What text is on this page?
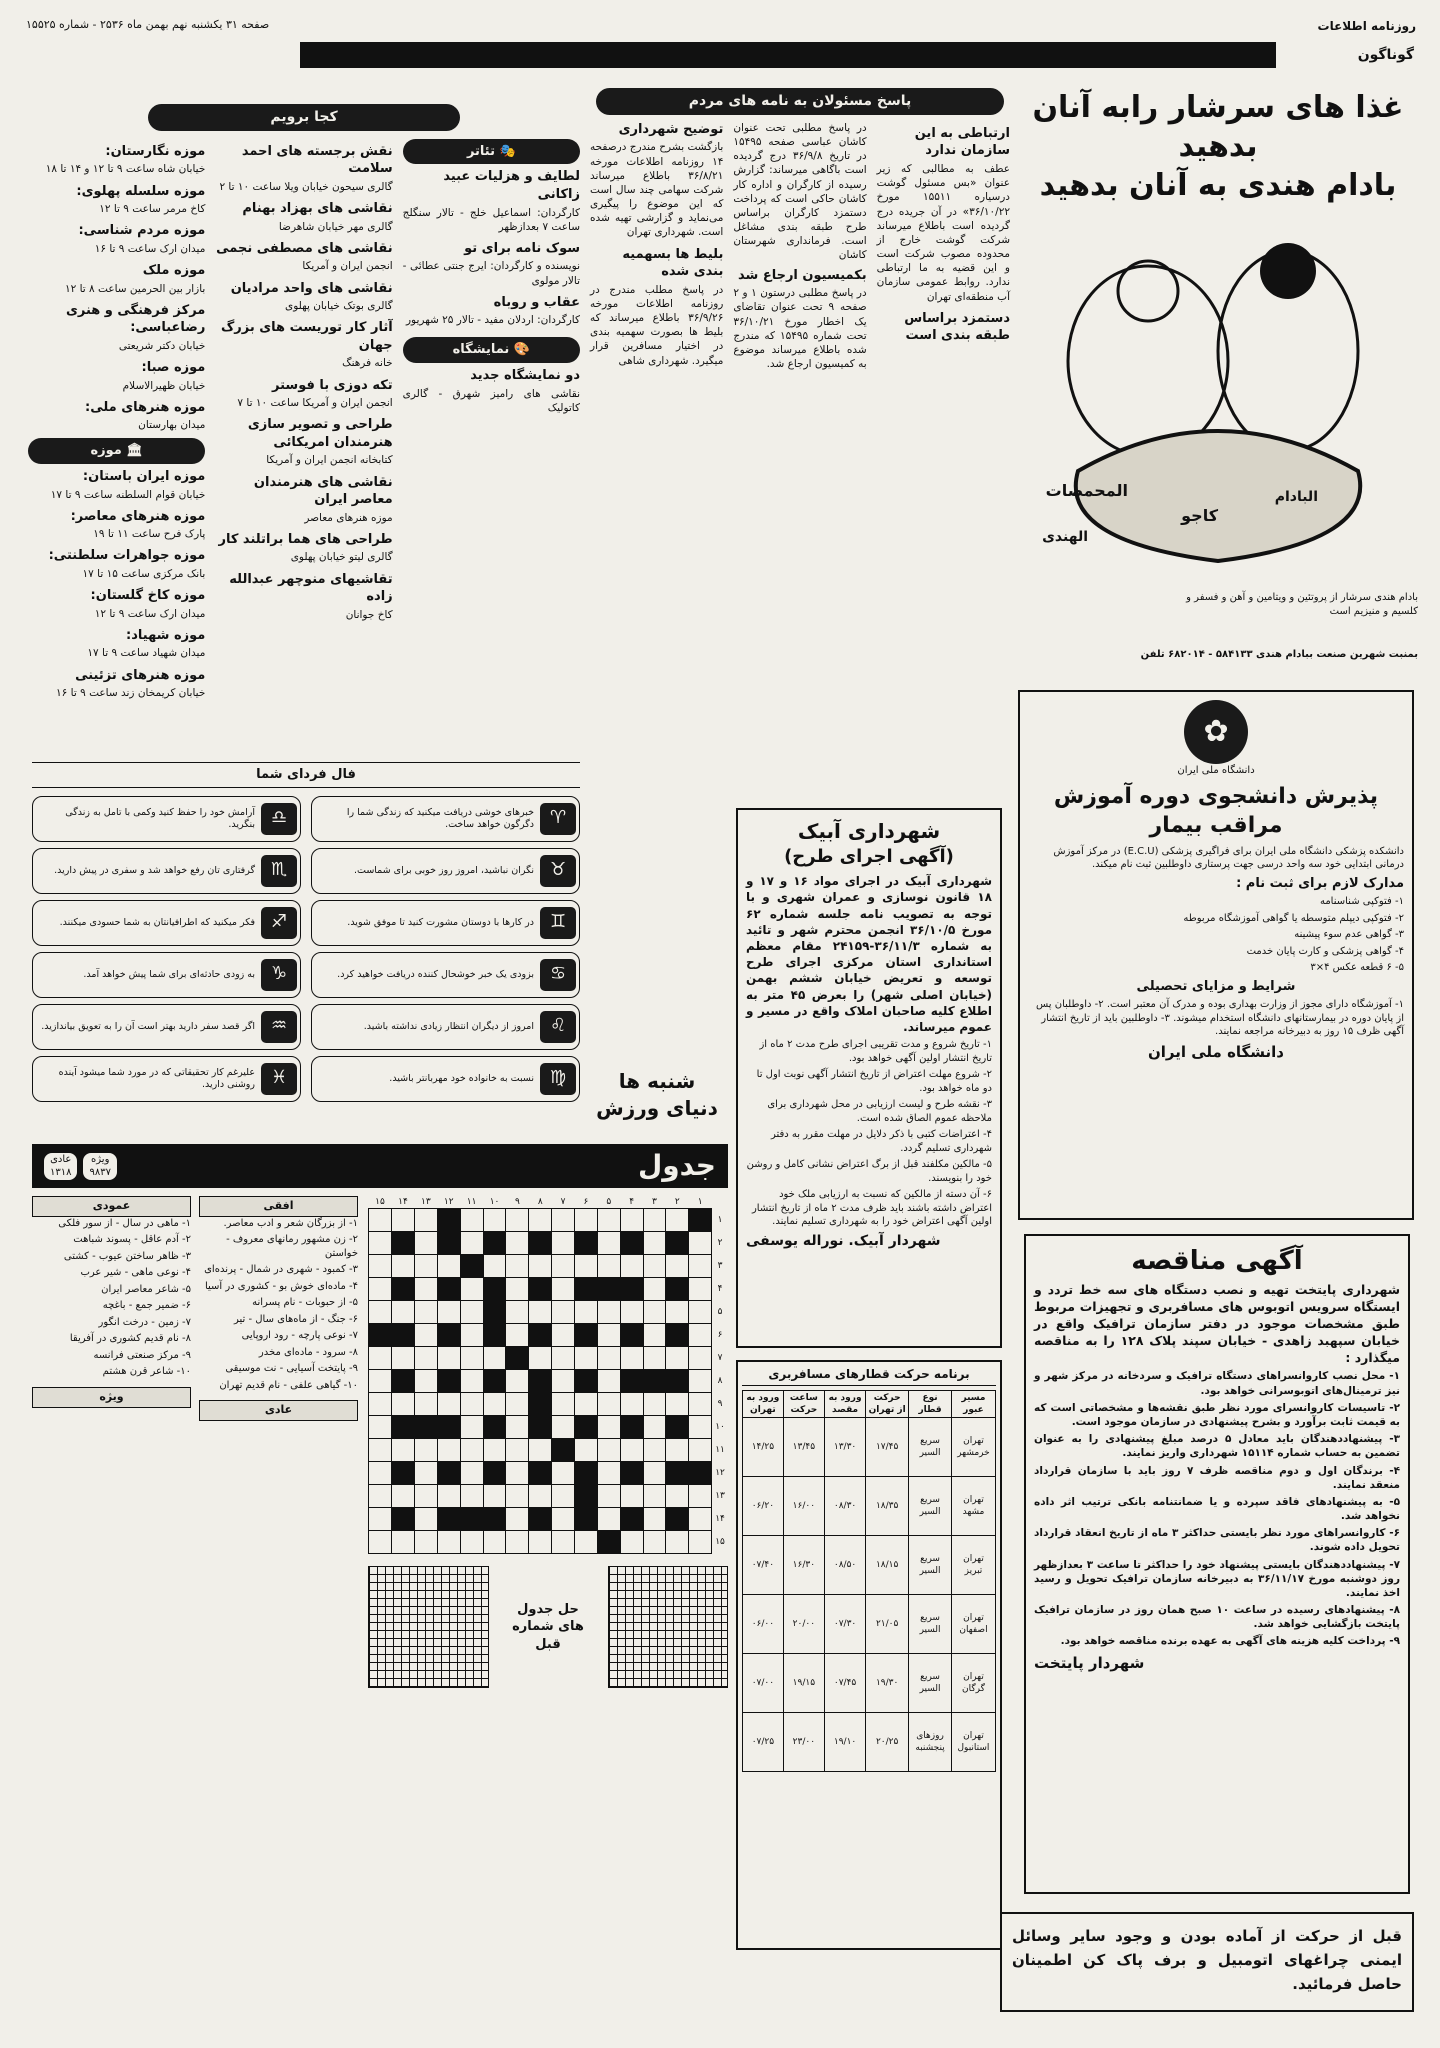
روزنامه اطلاعات
صفحه ۳۱ یکشنبه نهم بهمن ماه ۲۵۳۶ - شماره ۱۵۵۲۵
گوناگون
غذا های سرشار رابه آنان بدهید
بادام هندی به آنان بدهید
المحمصات
کاجو
البادام
الهندی
بادام هندی سرشار از پروتئین و ویتامین و آهن و فسفر و کلسیم و منیزیم است
بمنبت شهرین صنعت ببادام هندی ۵۸۴۱۳۳ - ۶۸۲۰۱۴ تلفن
پاسخ مسئولان به نامه های مردم
ارتباطی به این سازمان ندارد

عطف به مطالبی که زیر عنوان «بس مسئول گوشت درسیاره ۱۵۵۱۱ مورخ ۳۶/۱۰/۲۲» در آن جریده درج گردیده است باطلاع میرساند شرکت گوشت خارج از محدوده مصوب شرکت است و این قضیه به ما ارتباطی ندارد. روابط عمومی سازمان آب منطقه‌ای تهران

دستمزد براساس طبقه بندی است

در پاسخ مطلبی تحت عنوان کاشان عباسی صفحه ۱۵۴۹۵ در تاریخ ۳۶/۹/۸ درج گردیده است باگاهی میرساند: گزارش رسیده از کارگران و اداره کار کاشان حاکی است که پرداخت دستمزد کارگران براساس طرح طبقه بندی مشاغل است. فرمانداری شهرستان کاشان

بکمیسیون ارجاع شد

در پاسخ مطلبی درستون ۱ و ۲ صفحه ۹ تحت عنوان تقاضای یک اخطار مورخ ۳۶/۱۰/۲۱ تحت شماره ۱۵۴۹۵ که مندرج شده باطلاع میرساند موضوع به کمیسیون ارجاع شد.

توضیح شهرداری

بازگشت بشرح مندرج درصفحه ۱۴ روزنامه اطلاعات مورخه ۳۶/۸/۲۱ باطلاع میرساند شرکت سهامی چند سال است که این موضوع را پیگیری می‌نماید و گزارشی تهیه شده است. شهرداری تهران

بلیط ها بسهمیه بندی شده

در پاسخ مطلب مندرج در روزنامه اطلاعات مورخه ۳۶/۹/۲۶ باطلاع میرساند که بلیط ها بصورت سهمیه بندی در اختیار مسافرین قرار میگیرد. شهرداری شاهی

کجا برویم
🎭 تئاتر
لطایف و هزلیات عبید زاکانی

کارگردان: اسماعیل خلج - تالار سنگلج ساعت ۷ بعدازظهر

سوک نامه برای تو

نویسنده و کارگردان: ایرج جنتی عطائی - تالار مولوی

عقاب و روباه

کارگردان: اردلان مفید - تالار ۲۵ شهریور

🎨 نمایشگاه
دو نمایشگاه جدید

نقاشی های رامیز شهرق - گالری کاتولیک

نقش برجسته های احمد سلامت

گالری سیحون خیابان ویلا ساعت ۱۰ تا ۲

نقاشی های بهزاد بهنام

گالری مهر خیابان شاهرضا

نقاشی های مصطفی نجمی

انجمن ایران و آمریکا

نقاشی های واحد مرادیان

گالری بوتک خیابان پهلوی

آثار کار توریست های بزرگ جهان

خانه فرهنگ

تکه دوزی با فوستر

انجمن ایران و آمریکا ساعت ۱۰ تا ۷

طراحی و تصویر سازی هنرمندان امریکائی

کتابخانه انجمن ایران و آمریکا

نقاشی های هنرمندان معاصر ایران

موزه هنرهای معاصر

طراحی های هما براتلند کار

گالری لیتو خیابان پهلوی

تقاشیهای منوچهر عبدالله زاده

کاخ جوانان

موزه نگارستان:

خیابان شاه ساعت ۹ تا ۱۲ و ۱۴ تا ۱۸

موزه سلسله پهلوی:

کاخ مرمر ساعت ۹ تا ۱۲

موزه مردم شناسی:

میدان ارک ساعت ۹ تا ۱۶

موزه ملک

بازار بین الحرمین ساعت ۸ تا ۱۲

مرکز فرهنگی و هنری رضاعباسی:

خیابان دکتر شریعتی

موزه صبا:

خیابان ظهیرالاسلام

موزه هنرهای ملی:

میدان بهارستان

🏛 موزه
موزه ایران باستان:

خیابان قوام السلطنه ساعت ۹ تا ۱۷

موزه هنرهای معاصر:

پارک فرح ساعت ۱۱ تا ۱۹

موزه جواهرات سلطنتی:

بانک مرکزی ساعت ۱۵ تا ۱۷

موزه کاخ گلستان:

میدان ارک ساعت ۹ تا ۱۲

موزه شهیاد:

میدان شهیاد ساعت ۹ تا ۱۷

موزه هنرهای تزئینی

خیابان کریمخان زند ساعت ۹ تا ۱۶

فال فردای شما
♈
خبرهای خوشی دریافت میکنید که زندگی شما را دگرگون خواهد ساخت.
♎
آرامش خود را حفظ کنید وکمی با تامل به زندگی بنگرید.
♉
نگران نباشید، امروز روز خوبی برای شماست.
♏
گرفتاری تان رفع خواهد شد و سفری در پیش دارید.
♊
در کارها با دوستان مشورت کنید تا موفق شوید.
♐
فکر میکنید که اطرافیانتان به شما حسودی میکنند.
♋
بزودی یک خبر خوشحال کننده دریافت خواهید کرد.
♑
به زودی حادثه‌ای برای شما پیش خواهد آمد.
♌
امروز از دیگران انتظار زیادی نداشته باشید.
♒
اگر قصد سفر دارید بهتر است آن را به تعویق بیاندازید.
♍
نسبت به خانواده خود مهربانتر باشید.
♓
علیرغم کار تحقیقاتی که در مورد شما میشود آینده روشنی دارید.	شنبه ها
دنیای ورزش
جدول
ویژه
۹۸۳۷
عادی
۱۳۱۸
	۱	۲	۳	۴	۵	۶	۷	۸	۹	۱۰	۱۱	۱۲	۱۳	۱۴	۱۵
۱															
۲															
۳															
۴															
۵															
۶															
۷															
۸															
۹															
۱۰															
۱۱															
۱۲															
۱۳															
۱۴															
۱۵															
حل جدول های شماره قبل
افقی

۱- از بزرگان شعر و ادب معاصر.

۲- زن مشهور رمانهای معروف - خواستن

۳- کمبود - شهری در شمال - پرنده‌ای

۴- ماده‌ای خوش بو - کشوری در آسیا

۵- از حبوبات - نام پسرانه

۶- جنگ - از ماه‌های سال - تیر

۷- نوعی پارچه - رود اروپایی

۸- سرود - ماده‌ای مخدر

۹- پایتخت آسیایی - نت موسیقی

۱۰- گیاهی علفی - نام قدیم تهران

عادی
عمودی

۱- ماهی در سال - از سور فلکی

۲- آدم عاقل - پسوند شباهت

۳- ظاهر ساختن عیوب - کشتی

۴- نوعی ماهی - شیر عرب

۵- شاعر معاصر ایران

۶- ضمیر جمع - باغچه

۷- زمین - درخت انگور

۸- نام قدیم کشوری در آفریقا

۹- مرکز صنعتی فرانسه

۱۰- شاعر قرن هشتم

ویژه
شهرداری آبیک
(آگهی اجرای طرح)

شهرداری آبیک در اجرای مواد ۱۶ و ۱۷ و ۱۸ قانون نوسازی و عمران شهری و با توجه به تصویب نامه جلسه شماره ۶۲ مورخ ۳۶/۱۰/۵ انجمن محترم شهر و تائید به شماره ۳۶/۱۱/۳-۲۴۱۵۹ مقام معظم استانداری استان مرکزی اجرای طرح توسعه و تعریض خیابان ششم بهمن (خیابان اصلی شهر) را بعرض ۴۵ متر به اطلاع کلیه صاحبان املاک واقع در مسیر و عموم میرساند.

۱- تاریخ شروع و مدت تقریبی اجرای طرح مدت ۲ ماه از تاریخ انتشار اولین آگهی خواهد بود.

۲- شروع مهلت اعتراض از تاریخ انتشار آگهی نوبت اول تا دو ماه خواهد بود.

۳- نقشه طرح و لیست ارزیابی در محل شهرداری برای ملاحظه عموم الصاق شده است.

۴- اعتراضات کتبی با ذکر دلایل در مهلت مقرر به دفتر شهرداری تسلیم گردد.

۵- مالکین مکلفند قبل از برگ اعتراض نشانی کامل و روشن خود را بنویسند.

۶- آن دسته از مالکین که نسبت به ارزیابی ملک خود اعتراض داشته باشند باید ظرف مدت ۲ ماه از تاریخ انتشار اولین آگهی اعتراض خود را به شهرداری تسلیم نمایند.

شهردار آبیک. نوراله یوسفی
برنامه حرکت قطارهای مسافربری
مسیر عبور	نوع قطار	حرکت از تهران	ورود به مقصد	ساعت حرکت	ورود به تهران
تهران خرمشهر	سریع السیر	۱۷/۴۵	۱۳/۳۰	۱۳/۴۵	۱۴/۲۵
تهران مشهد	سریع السیر	۱۸/۳۵	۰۸/۳۰	۱۶/۰۰	۰۶/۲۰
تهران تبریز	سریع السیر	۱۸/۱۵	۰۸/۵۰	۱۶/۳۰	۰۷/۴۰
تهران اصفهان	سریع السیر	۲۱/۰۵	۰۷/۳۰	۲۰/۰۰	۰۶/۰۰
تهران گرگان	سریع السیر	۱۹/۳۰	۰۷/۴۵	۱۹/۱۵	۰۷/۰۰
تهران استانبول	روزهای پنجشنبه	۲۰/۲۵	۱۹/۱۰	۲۳/۰۰	۰۷/۲۵
✿
دانشگاه ملی ایران
پذیرش دانشجوی دوره آموزش
مراقب بیمار

دانشکده پزشکی دانشگاه ملی ایران برای فراگیری پزشکی (E.C.U) در مرکز آموزش درمانی ابتدایی خود سه واحد درسی جهت پرستاری داوطلبین ثبت نام میکند.

مدارک لازم برای ثبت نام :

۱- فتوکپی شناسنامه

۲- فتوکپی دیپلم متوسطه یا گواهی آموزشگاه مربوطه

۳- گواهی عدم سوء پیشینه

۴- گواهی پزشکی و کارت پایان خدمت

۵- ۶ قطعه عکس ۴×۳

شرایط و مزایای تحصیلی

۱- آموزشگاه دارای مجوز از وزارت بهداری بوده و مدرک آن معتبر است. ۲- داوطلبان پس از پایان دوره در بیمارستانهای دانشگاه استخدام میشوند. ۳- داوطلبین باید از تاریخ انتشار آگهی ظرف ۱۵ روز به دبیرخانه مراجعه نمایند.

دانشگاه ملی ایران
آگهی مناقصه

شهرداری پایتخت تهیه و نصب دستگاه های سه خط تردد و ایستگاه سرویس اتوبوس های مسافربری و تجهیزات مربوط طبق مشخصات موجود در دفتر سازمان ترافیک واقع در خیابان سپهبد زاهدی - خیابان سپند پلاک ۱۲۸ را به مناقصه میگذارد :

۱- محل نصب کاروانسراهای دستگاه ترافیک و سردخانه در مرکز شهر و نیز ترمینال‌های اتوبوسرانی خواهد بود.

۲- تاسیسات کاروانسرای مورد نظر طبق نقشه‌ها و مشخصاتی است که به قیمت ثابت برآورد و بشرح پیشنهادی در سازمان موجود است.

۳- پیشنهاددهندگان باید معادل ۵ درصد مبلغ پیشنهادی را به عنوان تضمین به حساب شماره ۱۵۱۱۴ شهرداری واریز نمایند.

۴- برندگان اول و دوم مناقصه ظرف ۷ روز باید با سازمان قرارداد منعقد نمایند.

۵- به پیشنهادهای فاقد سپرده و یا ضمانتنامه بانکی ترتیب اثر داده نخواهد شد.

۶- کاروانسراهای مورد نظر بایستی حداکثر ۳ ماه از تاریخ انعقاد قرارداد تحویل داده شوند.

۷- پیشنهاددهندگان بایستی پیشنهاد خود را حداکثر تا ساعت ۳ بعدازظهر روز دوشنبه مورخ ۳۶/۱۱/۱۷ به دبیرخانه سازمان ترافیک تحویل و رسید اخذ نمایند.

۸- پیشنهادهای رسیده در ساعت ۱۰ صبح همان روز در سازمان ترافیک پایتخت بازگشایی خواهد شد.

۹- پرداخت کلیه هزینه های آگهی به عهده برنده مناقصه خواهد بود.

شهردار پایتخت
قبل از حرکت از آماده بودن و وجود سایر وسائل ایمنی چراغهای اتومبیل و برف پاک کن اطمینان حاصل فرمائید.
